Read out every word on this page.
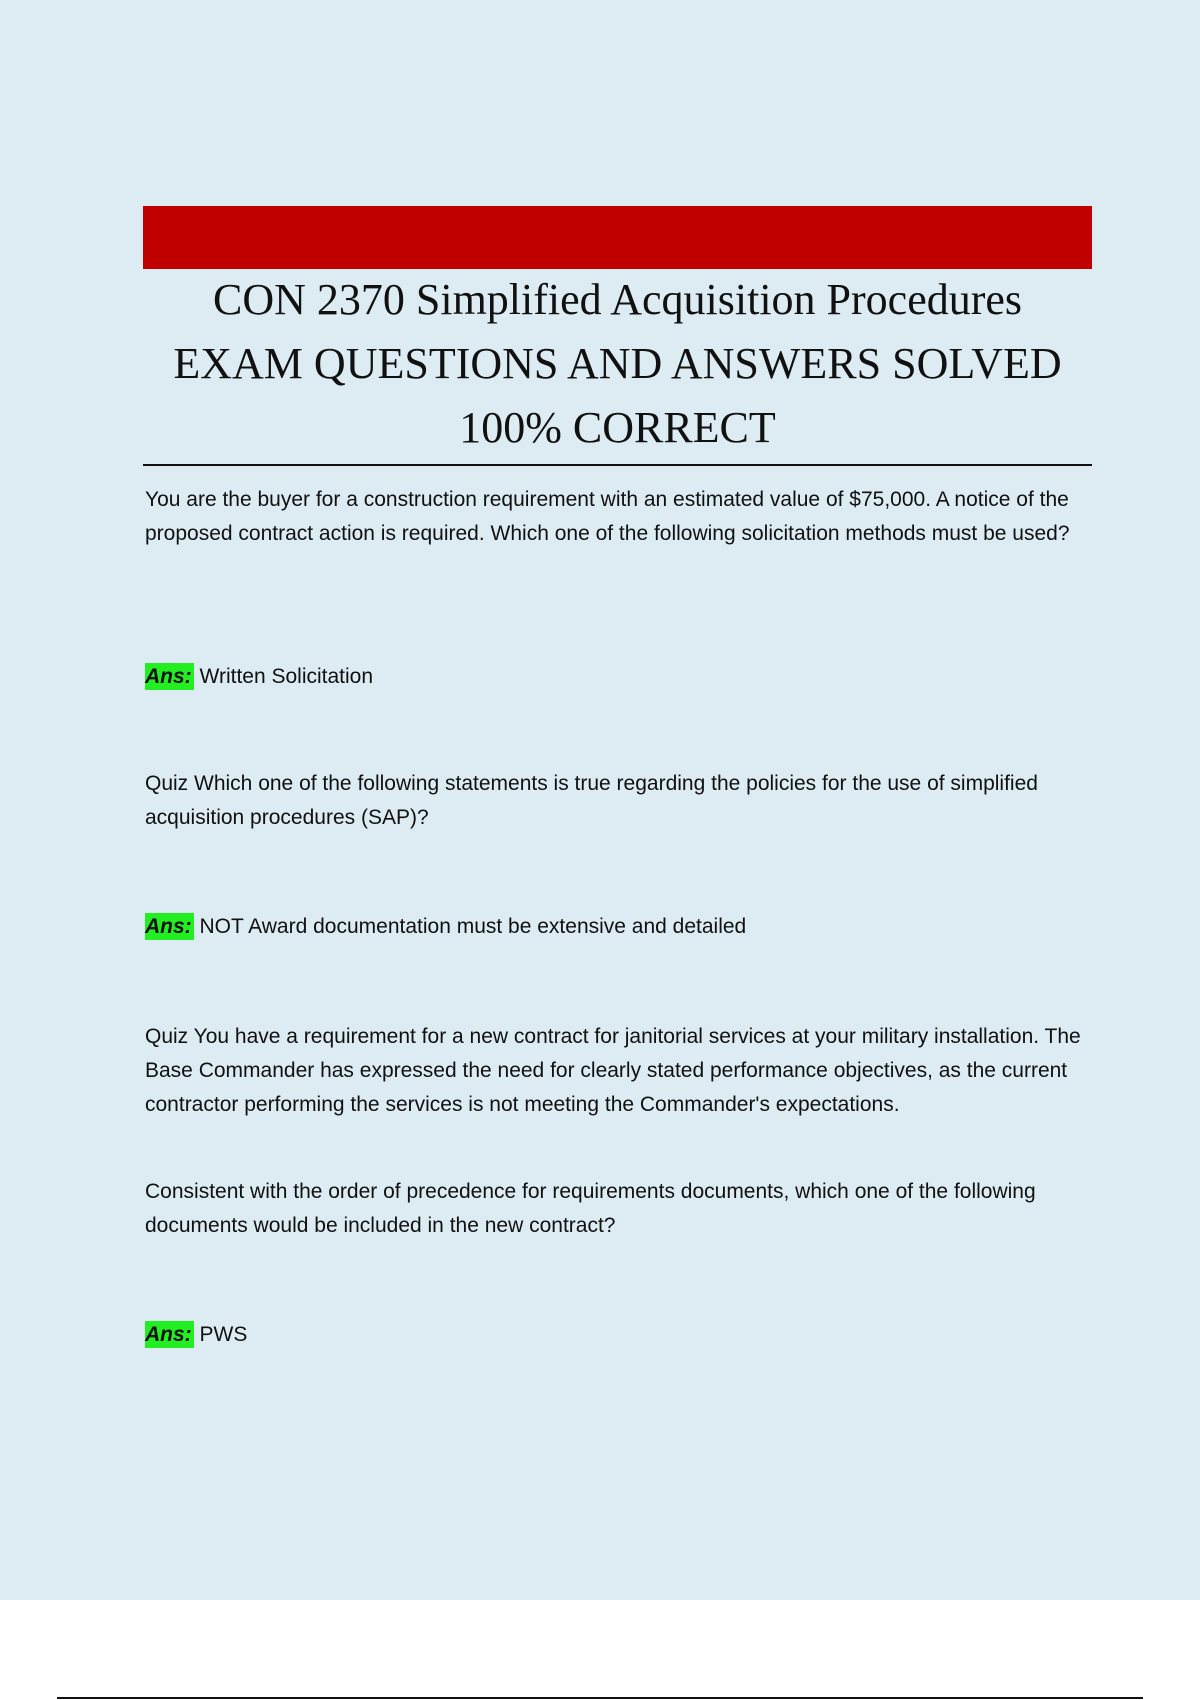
CON 2370 Simplified Acquisition Procedures
EXAM QUESTIONS AND ANSWERS SOLVED
100% CORRECT

You are the buyer for a construction requirement with an estimated value of $75,000. A notice of the proposed contract action is required. Which one of the following solicitation methods must be used?

Ans: Written Solicitation

Quiz Which one of the following statements is true regarding the policies for the use of simplified acquisition procedures (SAP)?

Ans: NOT Award documentation must be extensive and detailed

Quiz You have a requirement for a new contract for janitorial services at your military installation. The Base Commander has expressed the need for clearly stated performance objectives, as the current contractor performing the services is not meeting the Commander's expectations.

Consistent with the order of precedence for requirements documents, which one of the following documents would be included in the new contract?

Ans: PWS
